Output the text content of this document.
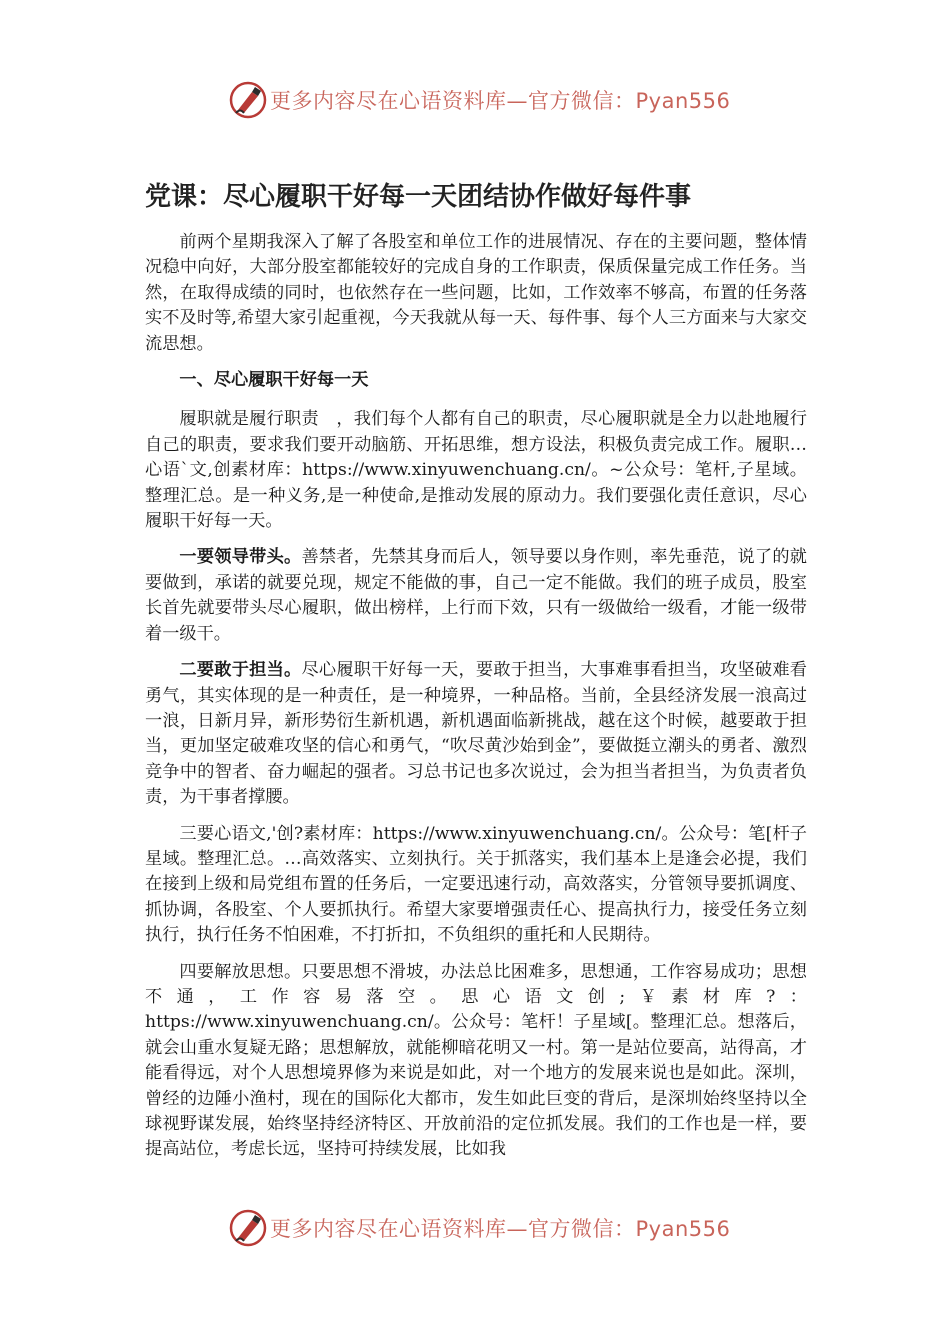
更多内容尽在心语资料库—官方微信：Pyan556
党课：尽心履职干好每一天团结协作做好每件事

前两个星期我深入了解了各股室和单位工作的进展情况、存在的主要问题，整体情况稳中向好，大部分股室都能较好的完成自身的工作职责，保质保量完成工作任务。当然，在取得成绩的同时，也依然存在一些问题，比如，工作效率不够高，布置的任务落实不及时等,希望大家引起重视，今天我就从每一天、每件事、每个人三方面来与大家交流思想。

一、尽心履职干好每一天

履职就是履行职责　，我们每个人都有自己的职责，尽心履职就是全力以赴地履行自己的职责，要求我们要开动脑筋、开拓思维，想方设法，积极负责完成工作。履职…心语`文,创素材库：https://www.xinyuwenchuang.cn/。~公众号：笔杆,子星域。整理汇总。是一种义务,是一种使命,是推动发展的原动力。我们要强化责任意识，尽心履职干好每一天。

一要领导带头。善禁者，先禁其身而后人，领导要以身作则，率先垂范，说了的就要做到，承诺的就要兑现，规定不能做的事，自己一定不能做。我们的班子成员，股室长首先就要带头尽心履职，做出榜样，上行而下效，只有一级做给一级看，才能一级带着一级干。

二要敢于担当。尽心履职干好每一天，要敢于担当，大事难事看担当，攻坚破难看勇气，其实体现的是一种责任，是一种境界，一种品格。当前，全县经济发展一浪高过一浪，日新月异，新形势衍生新机遇，新机遇面临新挑战，越在这个时候，越要敢于担当，更加坚定破难攻坚的信心和勇气，“吹尽黄沙始到金”，要做挺立潮头的勇者、激烈竞争中的智者、奋力崛起的强者。习总书记也多次说过，会为担当者担当，为负责者负责，为干事者撑腰。

三要心语文,'创?素材库：https://www.xinyuwenchuang.cn/。公众号：笔[杆子星域。整理汇总。…高效落实、立刻执行。关于抓落实，我们基本上是逢会必提，我们在接到上级和局党组布置的任务后，一定要迅速行动，高效落实，分管领导要抓调度、抓协调，各股室、个人要抓执行。希望大家要增强责任心、提高执行力，接受任务立刻执行，执行任务不怕困难，不打折扣，不负组织的重托和人民期待。

四要解放思想。只要思想不滑坡，办法总比困难多，思想通，工作容易成功；思想不通，工作容易落空。思心语文创;￥素材库?：https://www.xinyuwenchuang.cn/。公众号：笔杆！子星域[。整理汇总。想落后，就会山重水复疑无路；思想解放，就能柳暗花明又一村。第一是站位要高，站得高，才能看得远，对个人思想境界修为来说是如此，对一个地方的发展来说也是如此。深圳，曾经的边陲小渔村，现在的国际化大都市，发生如此巨变的背后，是深圳始终坚持以全球视野谋发展，始终坚持经济特区、开放前沿的定位抓发展。我们的工作也是一样，要提高站位，考虑长远，坚持可持续发展，比如我

更多内容尽在心语资料库—官方微信：Pyan556
